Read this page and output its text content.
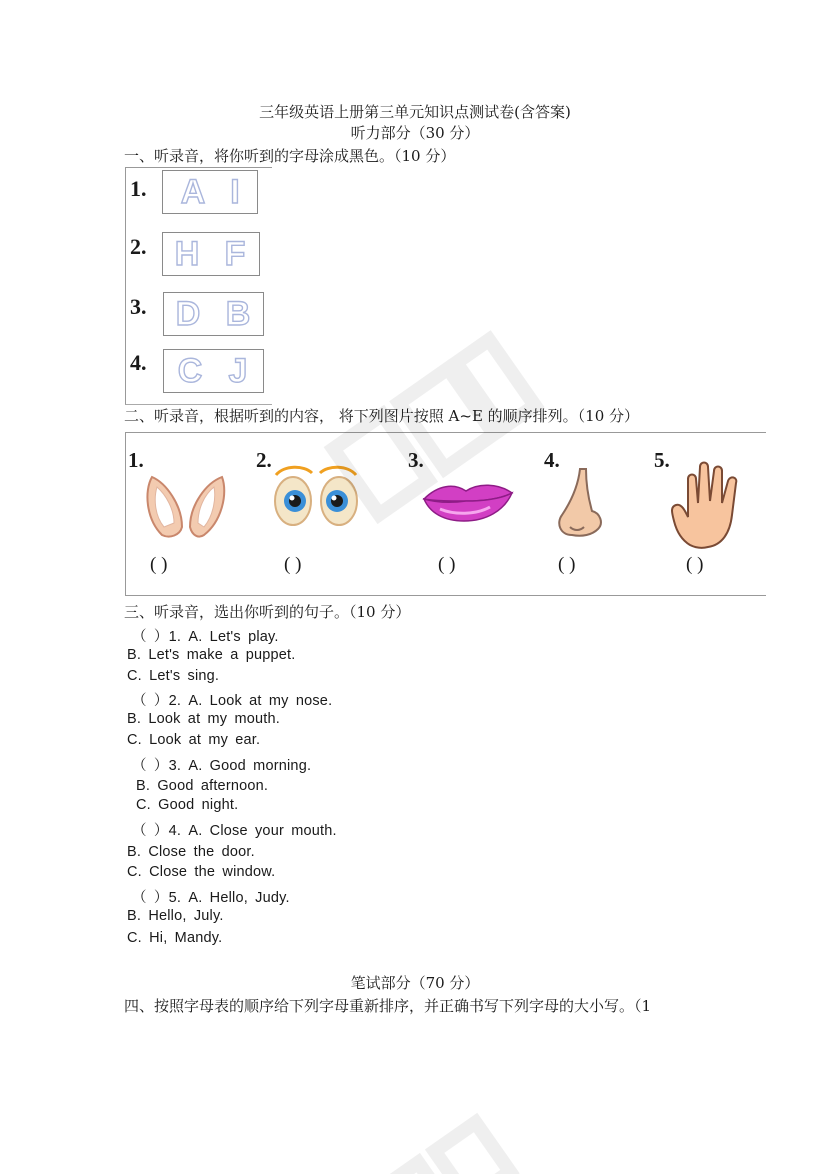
三年级英语上册第三单元知识点测试卷(含答案)
听力部分（30 分）
一、听录音，将你听到的字母涂成黑色。（10 分）
1. A I
2. H F
3. D B
4. C J
二、听录音，根据听到的内容， 将下列图片按照 A~E 的顺序排列。（10 分）
1.
( )
2.
( )
3.
( )
4.
( )
5.
( )
三、听录音，选出你听到的句子。（10 分）
（ ）1. A. Let's play.
B. Let's make a puppet.
C. Let's sing.
（ ）2. A. Look at my nose.
B. Look at my mouth.
C. Look at my ear.
（ ）3. A. Good morning.
B. Good afternoon.
C. Good night.
（ ）4. A. Close your mouth.
B. Close the door.
C. Close the window.
（ ）5. A. Hello, Judy.
B. Hello, July.
C. Hi, Mandy.
笔试部分（70 分）
四、按照字母表的顺序给下列字母重新排序，并正确书写下列字母的大小写。（1
